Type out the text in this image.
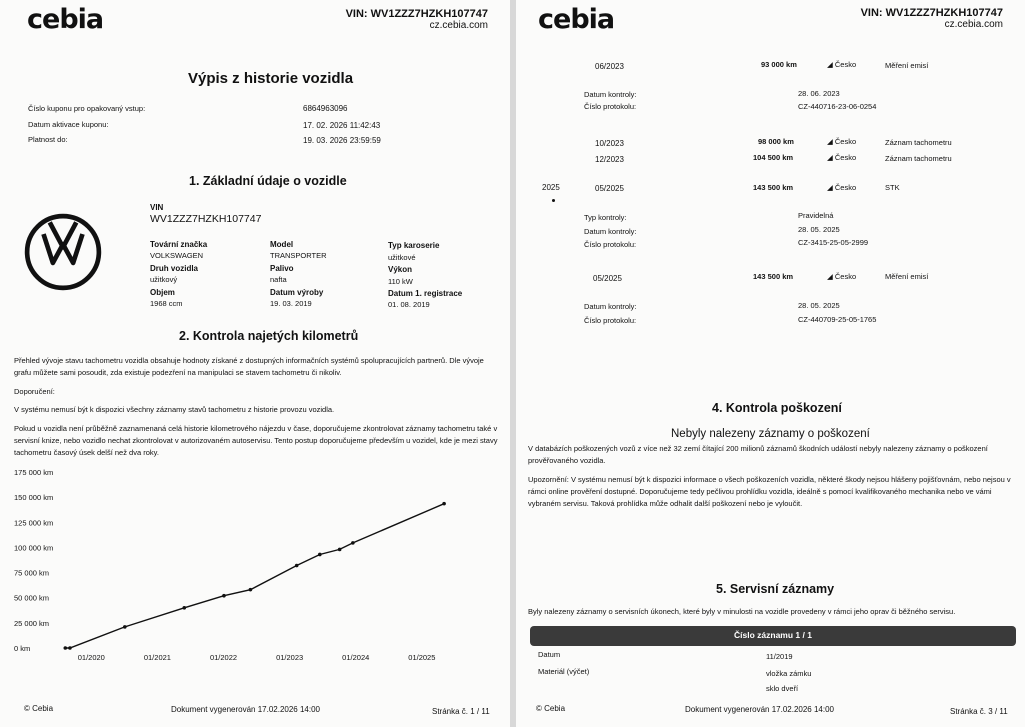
cebia	VIN: WV1ZZZ7HZKH107747
cz.cebia.com
Výpis z historie vozidla
Číslo kuponu pro opakovaný vstup:	6864963096
Datum aktivace kuponu:	17. 02. 2026 11:42:43
Platnost do:	19. 03. 2026 23:59:59
1. Základní údaje o vozidle
VIN
WV1ZZZ7HZKH107747
Tovární značka
VOLKSWAGEN
Model
TRANSPORTER
Typ karoserie
užitkové
Druh vozidla
užitkový
Palivo
nafta
Výkon
110 kW
Objem
1968 ccm
Datum výroby
19. 03. 2019
Datum 1. registrace
01. 08. 2019
2. Kontrola najetých kilometrů
Přehled vývoje stavu tachometru vozidla obsahuje hodnoty získané z dostupných informačních systémů spolupracujících partnerů. Dle vývoje grafu můžete sami posoudit, zda existuje podezření na manipulaci se stavem tachometru či nikoliv.
Doporučení:
V systému nemusí být k dispozici všechny záznamy stavů tachometru z historie provozu vozidla.
Pokud u vozidla není průběžně zaznamenaná celá historie kilometrového nájezdu v čase, doporučujeme zkontrolovat záznamy tachometru také v servisní knize, nebo vozidlo nechat zkontrolovat v autorizovaném autoservisu. Tento postup doporučujeme především u vozidel, kde je mezi stavy tachometru časový úsek delší než dva roky.
175 000 km
150 000 km
125 000 km
100 000 km
75 000 km
50 000 km
25 000 km
0 km
01/2020	01/2021	01/2022	01/2023	01/2024	01/2025
© Cebia	Dokument vygenerován 17.02.2026 14:00	Stránka č. 1 / 11
cebia	VIN: WV1ZZZ7HZKH107747
cz.cebia.com
06/2023	93 000 km	◢ Česko	Měření emisí
Datum kontroly:	28. 06. 2023
Číslo protokolu:	CZ-440716-23-06-0254
10/2023	98 000 km	◢ Česko	Záznam tachometru
12/2023	104 500 km	◢ Česko	Záznam tachometru
2025	05/2025	143 500 km	◢ Česko	STK
Typ kontroly:	Pravidelná
Datum kontroly:	28. 05. 2025
Číslo protokolu:	CZ-3415-25-05-2999
05/2025	143 500 km	◢ Česko	Měření emisí
Datum kontroly:	28. 05. 2025
Číslo protokolu:	CZ-440709-25-05-1765
4. Kontrola poškození
Nebyly nalezeny záznamy o poškození
V databázích poškozených vozů z více než 32 zemí čítající 200 milionů záznamů škodních událostí nebyly nalezeny záznamy o poškození prověřovaného vozidla.
Upozornění: V systému nemusí být k dispozici informace o všech poškozeních vozidla, některé škody nejsou hlášeny pojišťovnám, nebo nejsou v rámci online prověření dostupné. Doporučujeme tedy pečlivou prohlídku vozidla, ideálně s pomocí kvalifikovaného mechanika nebo ve vámi vybraném servisu. Taková prohlídka může odhalit další poškození nebo je vyloučit.
5. Servisní záznamy
Byly nalezeny záznamy o servisních úkonech, které byly v minulosti na vozidle provedeny v rámci jeho oprav či běžného servisu.
Datum	11/2019
Materiál (výčet)	vložka zámku
sklo dveří
© Cebia	Dokument vygenerován 17.02.2026 14:00	Stránka č. 3 / 11
Číslo záznamu 1 / 1
